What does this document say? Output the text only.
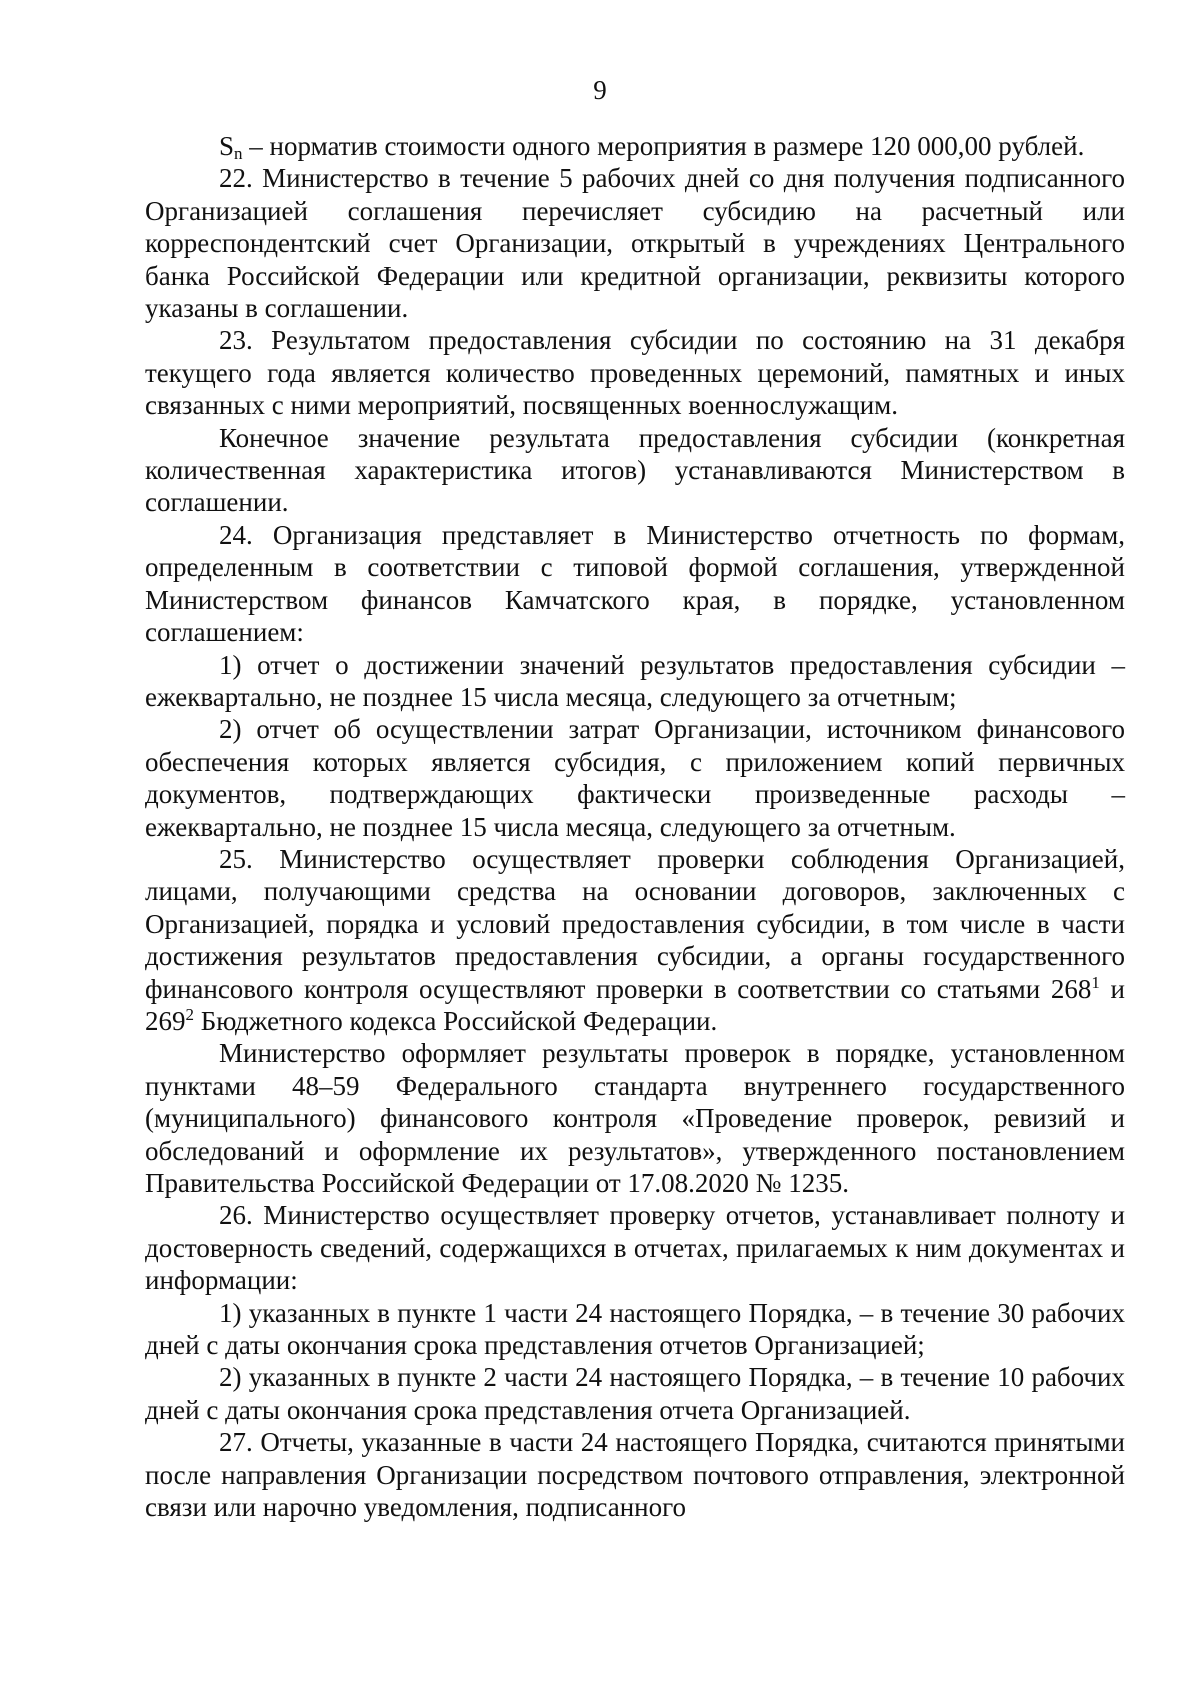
9

$S_n$ – норматив стоимости одного мероприятия в размере 120 000,00 рублей.

22. Министерство в течение 5 рабочих дней со дня получения подписанного Организацией соглашения перечисляет субсидию на расчетный или корреспондентский счет Организации, открытый в учреждениях Центрального банка Российской Федерации или кредитной организации, реквизиты которого указаны в соглашении.

23. Результатом предоставления субсидии по состоянию на 31 декабря текущего года является количество проведенных церемоний, памятных и иных связанных с ними мероприятий, посвященных военнослужащим.

Конечное значение результата предоставления субсидии (конкретная количественная характеристика итогов) устанавливаются Министерством в соглашении.

24. Организация представляет в Министерство отчетность по формам, определенным в соответствии с типовой формой соглашения, утвержденной Министерством финансов Камчатского края, в порядке, установленном соглашением:

1) отчет о достижении значений результатов предоставления субсидии – ежеквартально, не позднее 15 числа месяца, следующего за отчетным;

2) отчет об осуществлении затрат Организации, источником финансового обеспечения которых является субсидия, с приложением копий первичных документов, подтверждающих фактически произведенные расходы – ежеквартально, не позднее 15 числа месяца, следующего за отчетным.

25. Министерство осуществляет проверки соблюдения Организацией, лицами, получающими средства на основании договоров, заключенных с Организацией, порядка и условий предоставления субсидии, в том числе в части достижения результатов предоставления субсидии, а органы государственного финансового контроля осуществляют проверки в соответствии со статьями $268^1$ и $269^2$ Бюджетного кодекса Российской Федерации.

Министерство оформляет результаты проверок в порядке, установленном пунктами 48–59 Федерального стандарта внутреннего государственного (муниципального) финансового контроля «Проведение проверок, ревизий и обследований и оформление их результатов», утвержденного постановлением Правительства Российской Федерации от 17.08.2020 № 1235.

26. Министерство осуществляет проверку отчетов, устанавливает полноту и достоверность сведений, содержащихся в отчетах, прилагаемых к ним документах и информации:

1) указанных в пункте 1 части 24 настоящего Порядка, – в течение 30 рабочих дней с даты окончания срока представления отчетов Организацией;

2) указанных в пункте 2 части 24 настоящего Порядка, – в течение 10 рабочих дней с даты окончания срока представления отчета Организацией.

27. Отчеты, указанные в части 24 настоящего Порядка, считаются принятыми после направления Организации посредством почтового отправления, электронной связи или нарочно уведомления, подписанного
